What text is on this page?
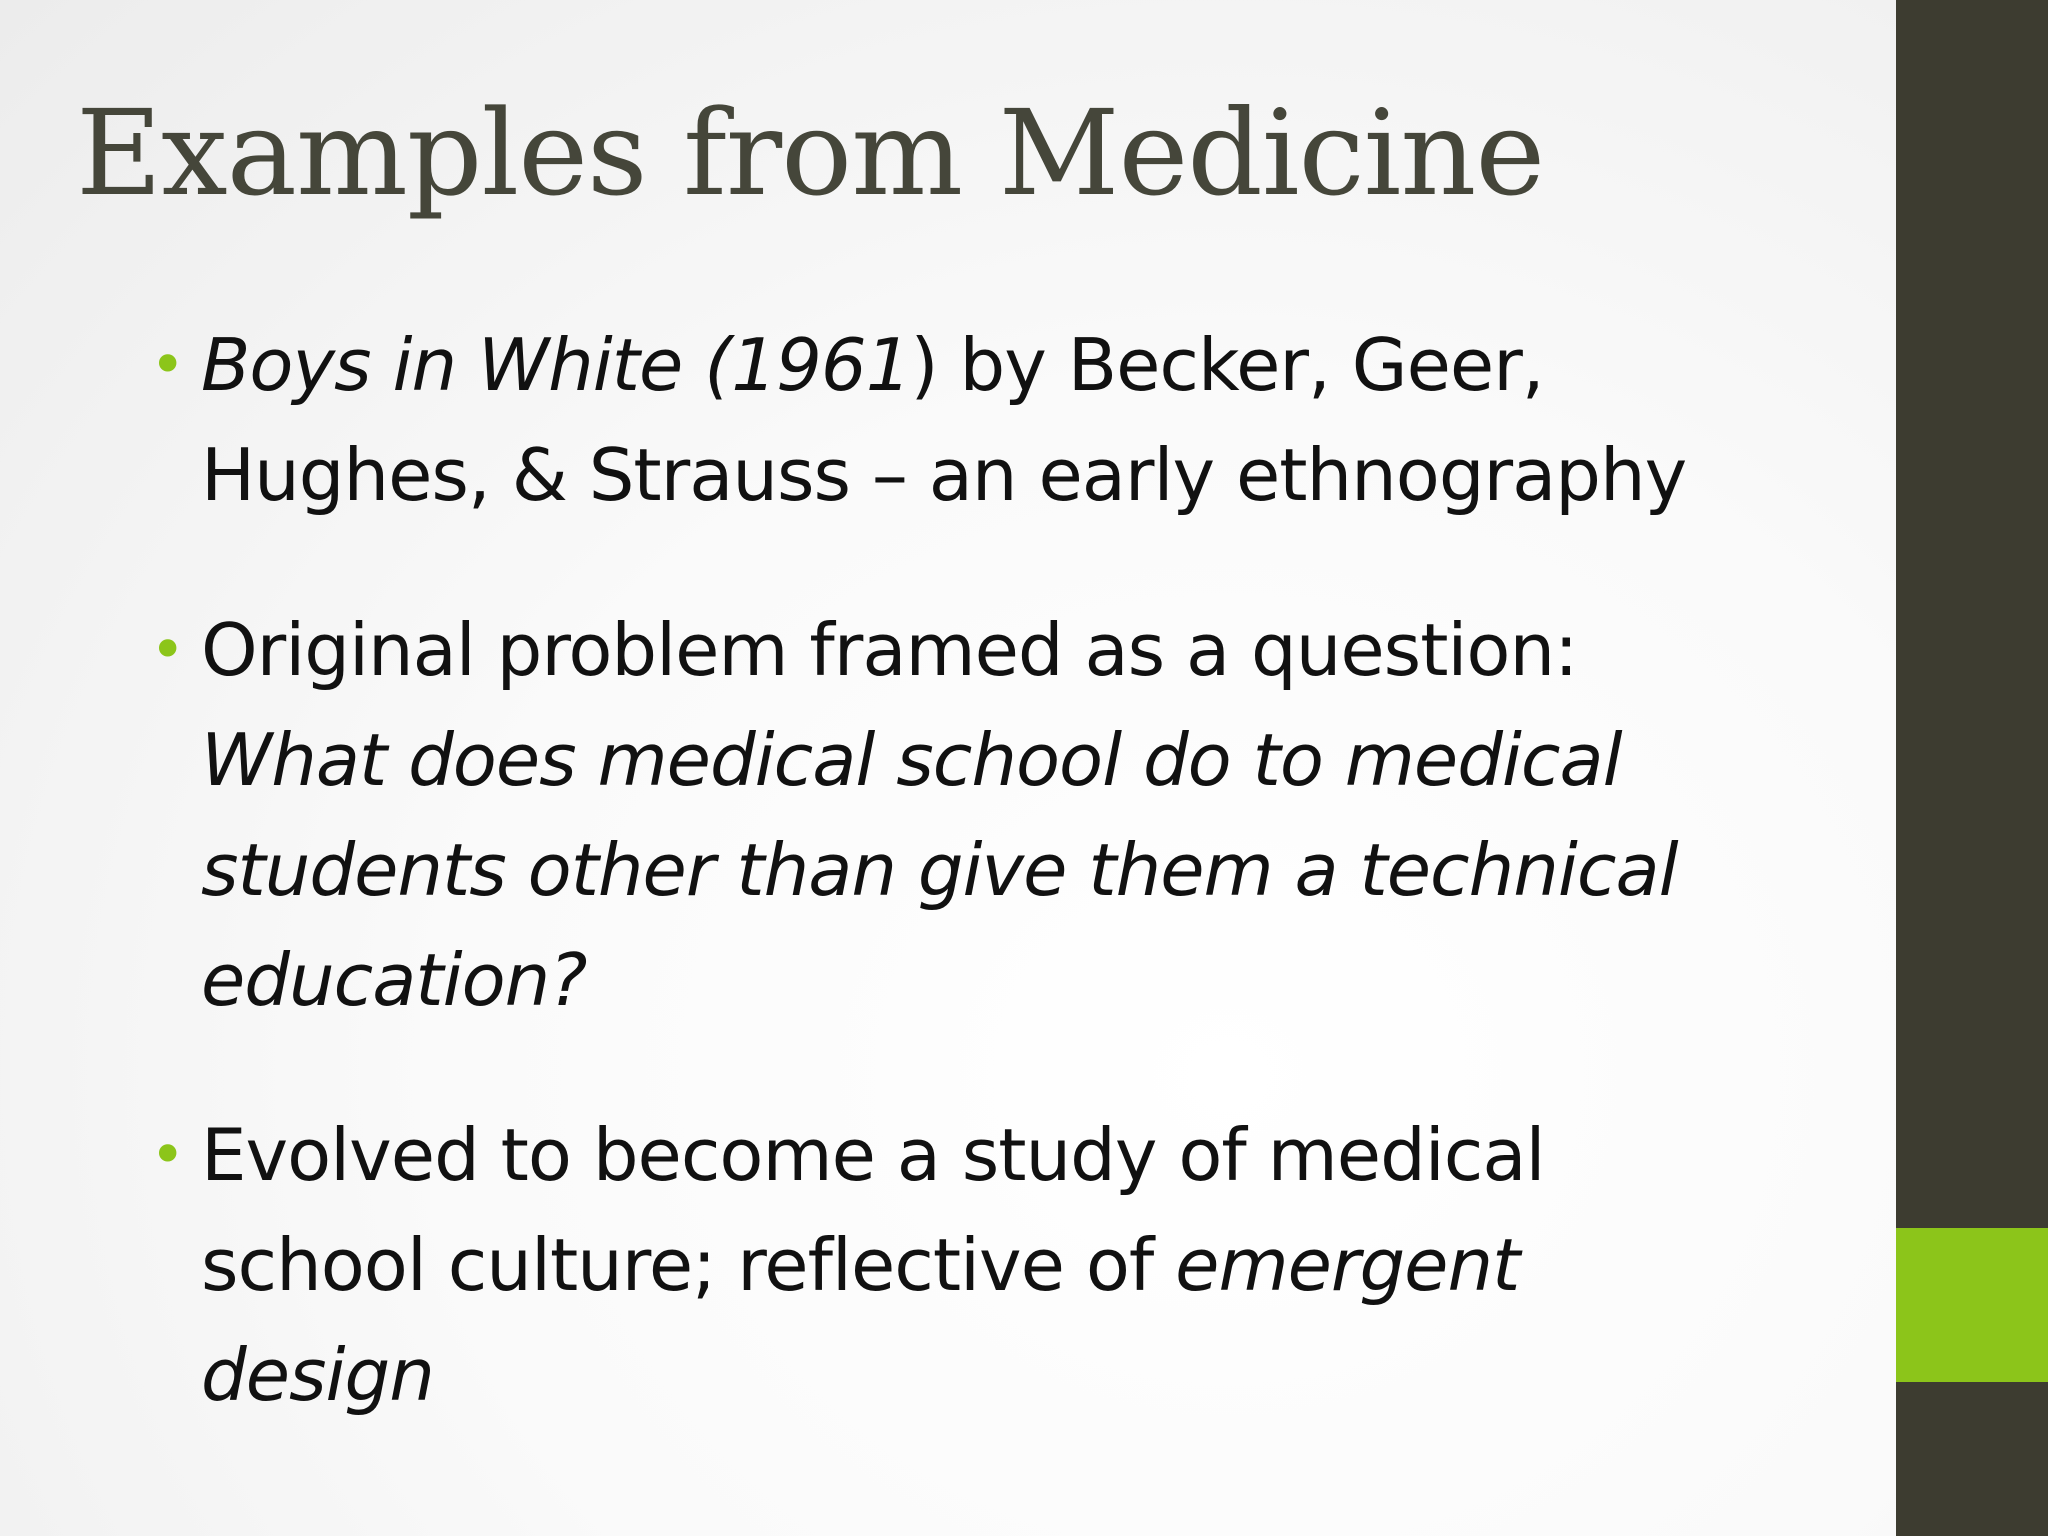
Examples from Medicine
• Boys in White (1961) by Becker, Geer,
Hughes, & Strauss – an early ethnography
• Original problem framed as a question:
What does medical school do to medical
students other than give them a technical
education?
• Evolved to become a study of medical
school culture; reflective of emergent
design
